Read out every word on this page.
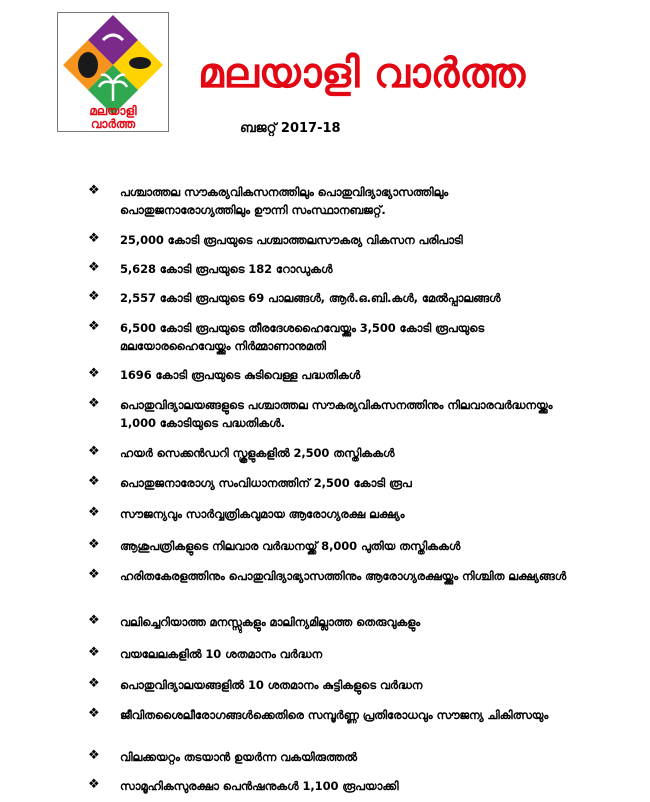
മലയാളി
വാർത്ത
മലയാളി വാർത്ത
ബജറ്റ് 2017-18
❖ പശ്ചാത്തല സൗകര്യവികസനത്തിലും പൊതുവിദ്യാഭ്യാസത്തിലും പൊതുജനാരോഗ്യത്തിലും ഊന്നി സംസ്ഥാനബജറ്റ്.
❖ 25,000 കോടി രൂപയുടെ പശ്ചാത്തലസൗകര്യ വികസന പരിപാടി
❖ 5,628 കോടി രൂപയുടെ 182 റോഡുകൾ
❖ 2,557 കോടി രൂപയുടെ 69 പാലങ്ങൾ, ആർ.ഒ.ബി.കൾ, മേൽപ്പാലങ്ങൾ
❖ 6,500 കോടി രൂപയുടെ തീരദേശഹൈവേയ്ക്കും 3,500 കോടി രൂപയുടെ മലയോരഹൈവേയ്ക്കും നിർമ്മാണാനുമതി
❖ 1696 കോടി രൂപയുടെ കുടിവെള്ള പദ്ധതികൾ
❖ പൊതുവിദ്യാലയങ്ങളുടെ പശ്ചാത്തല സൗകര്യവികസനത്തിനും നിലവാരവർദ്ധനയ്ക്കും 1,000 കോടിയുടെ പദ്ധതികൾ.
❖ ഹയർ സെക്കൻഡറി സ്കൂളുകളിൽ 2,500 തസ്തികകൾ
❖ പൊതുജനാരോഗ്യ സംവിധാനത്തിന് 2,500 കോടി രൂപ
❖ സൗജന്യവും സാർവ്വത്രികവുമായ ആരോഗ്യരക്ഷ ലക്ഷ്യം
❖ ആശുപത്രികളുടെ നിലവാര വർദ്ധനയ്ക്ക് 8,000 പുതിയ തസ്തികകൾ
❖ ഹരിതകേരളത്തിനും പൊതുവിദ്യാഭ്യാസത്തിനും ആരോഗ്യരക്ഷയ്ക്കും നിശ്ചിത ലക്ഷ്യങ്ങൾ
❖ വലിച്ചെറിയാത്ത മനസ്സുകളും മാലിന്യമില്ലാത്ത തെരുവുകളും
❖ വയലേലകളിൽ 10 ശതമാനം വർദ്ധന
❖ പൊതുവിദ്യാലയങ്ങളിൽ 10 ശതമാനം കുട്ടികളുടെ വർദ്ധന
❖ ജീവിതശൈലീരോഗങ്ങൾക്കെതിരെ സമ്പൂർണ്ണ പ്രതിരോധവും സൗജന്യ ചികിത്സയും
❖ വിലക്കയറ്റം തടയാൻ ഉയർന്ന വകയിരുത്തൽ
❖ സാമൂഹികസുരക്ഷാ പെൻഷനുകൾ 1,100 രൂപയാക്കി
